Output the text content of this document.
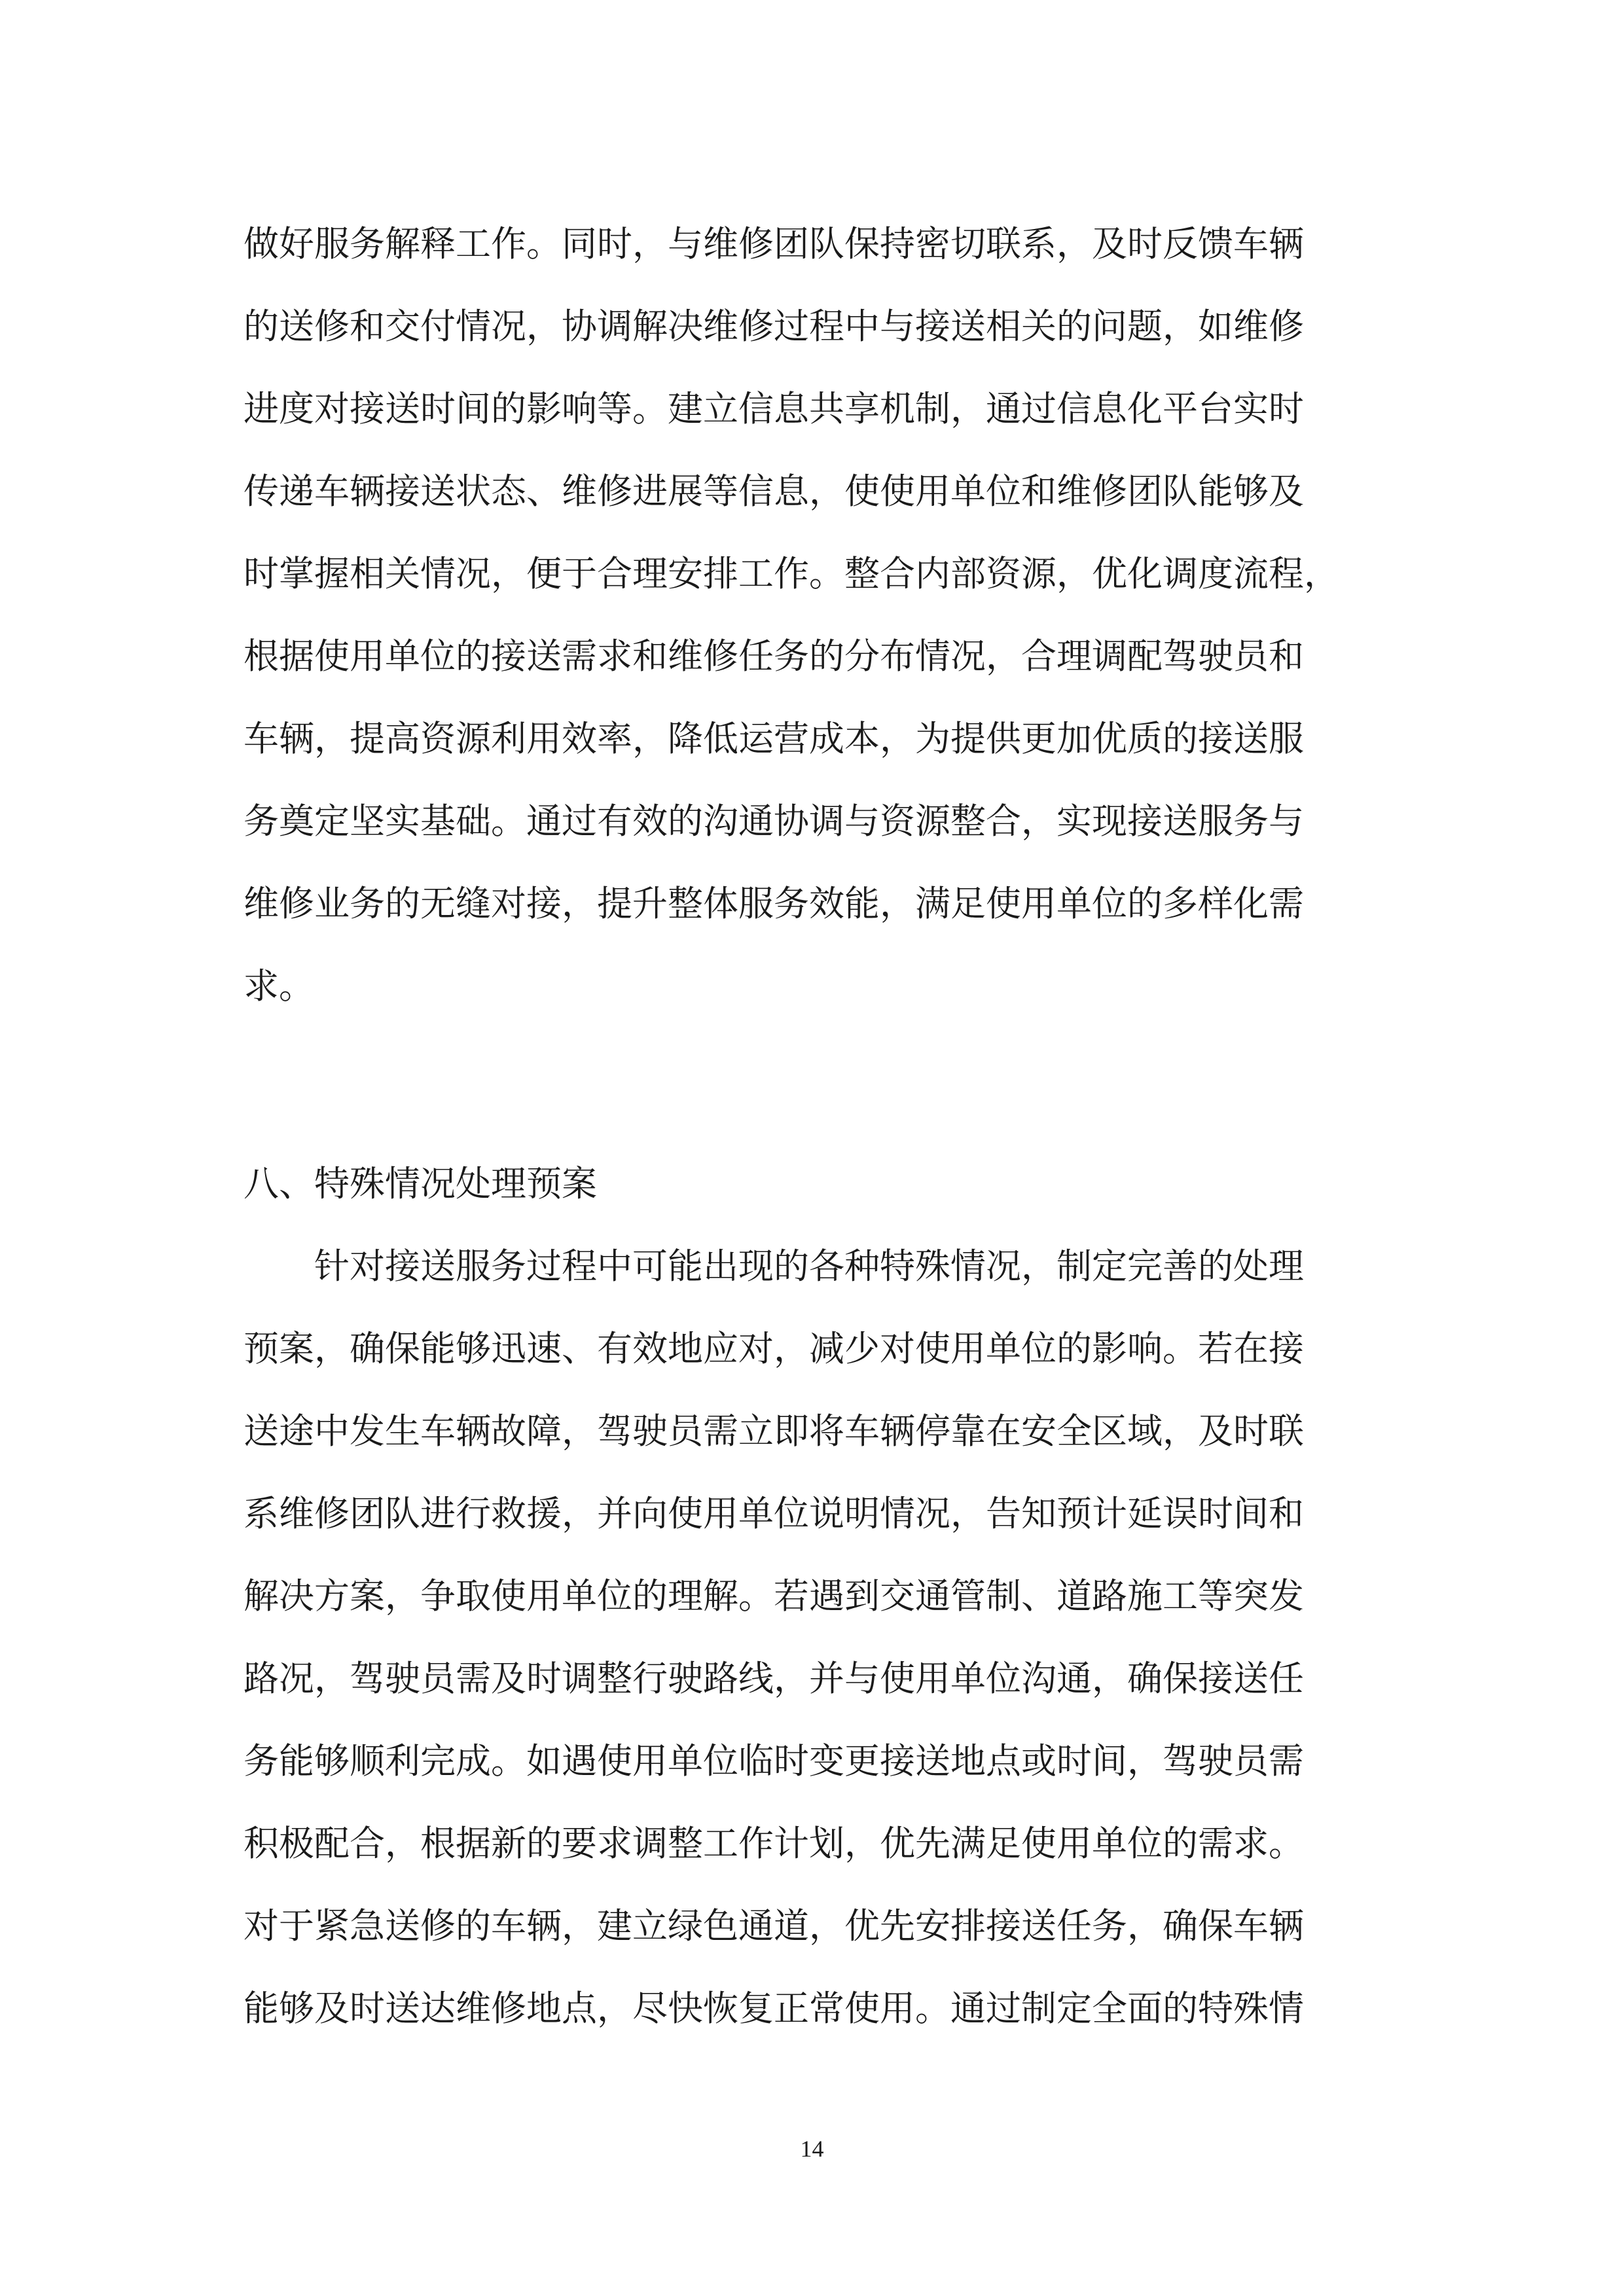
做好服务解释工作。同时，与维修团队保持密切联系，及时反馈车辆
的送修和交付情况，协调解决维修过程中与接送相关的问题，如维修
进度对接送时间的影响等。建立信息共享机制，通过信息化平台实时
传递车辆接送状态、维修进展等信息，使使用单位和维修团队能够及
时掌握相关情况，便于合理安排工作。整合内部资源，优化调度流程，
根据使用单位的接送需求和维修任务的分布情况，合理调配驾驶员和
车辆，提高资源利用效率，降低运营成本，为提供更加优质的接送服
务奠定坚实基础。通过有效的沟通协调与资源整合，实现接送服务与
维修业务的无缝对接，提升整体服务效能，满足使用单位的多样化需
求。
八、特殊情况处理预案
针对接送服务过程中可能出现的各种特殊情况，制定完善的处理
预案，确保能够迅速、有效地应对，减少对使用单位的影响。若在接
送途中发生车辆故障，驾驶员需立即将车辆停靠在安全区域，及时联
系维修团队进行救援，并向使用单位说明情况，告知预计延误时间和
解决方案，争取使用单位的理解。若遇到交通管制、道路施工等突发
路况，驾驶员需及时调整行驶路线，并与使用单位沟通，确保接送任
务能够顺利完成。如遇使用单位临时变更接送地点或时间，驾驶员需
积极配合，根据新的要求调整工作计划，优先满足使用单位的需求。
对于紧急送修的车辆，建立绿色通道，优先安排接送任务，确保车辆
能够及时送达维修地点，尽快恢复正常使用。通过制定全面的特殊情
14
